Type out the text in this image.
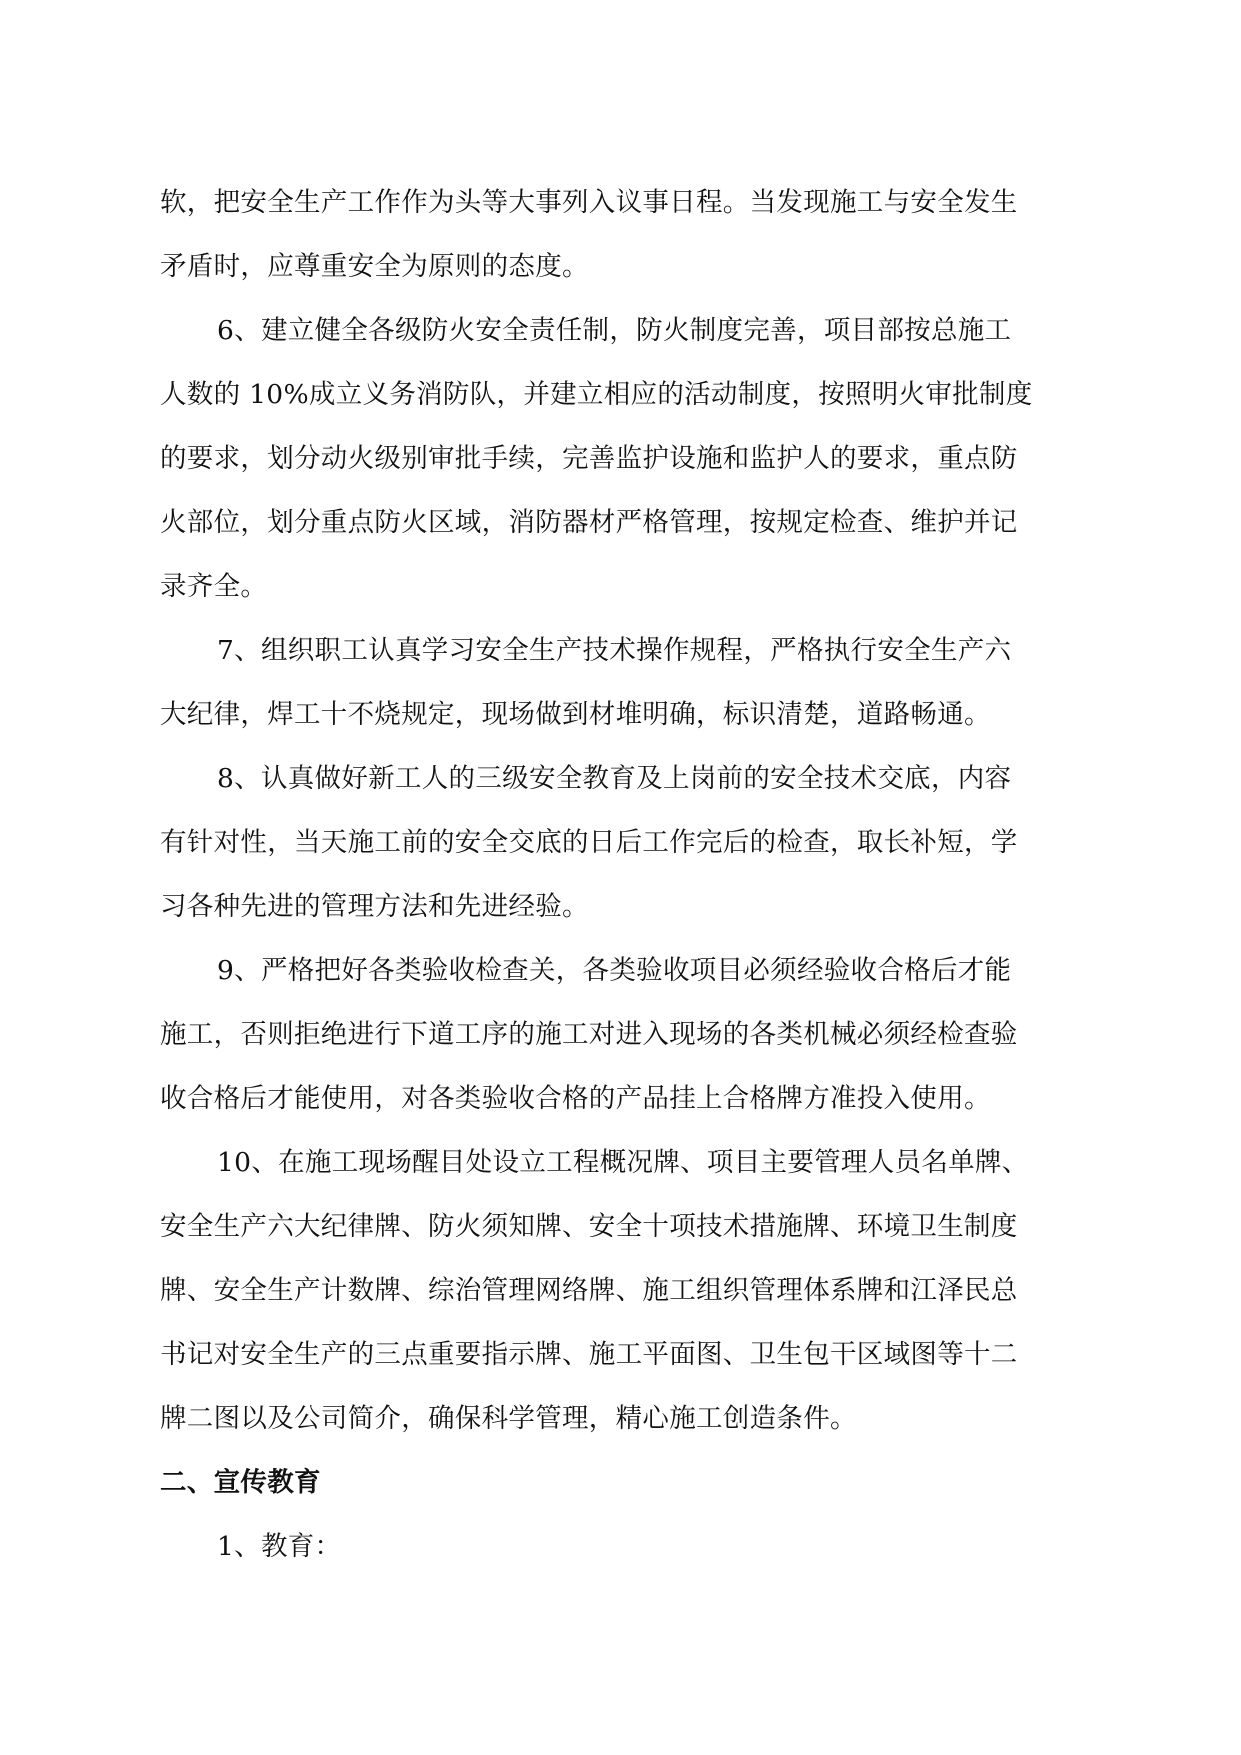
软，把安全生产工作作为头等大事列入议事日程。当发现施工与安全发生
矛盾时，应尊重安全为原则的态度。
6、建立健全各级防火安全责任制，防火制度完善，项目部按总施工
人数的 10%成立义务消防队，并建立相应的活动制度，按照明火审批制度
的要求，划分动火级别审批手续，完善监护设施和监护人的要求，重点防
火部位，划分重点防火区域，消防器材严格管理，按规定检查、维护并记
录齐全。
7、组织职工认真学习安全生产技术操作规程，严格执行安全生产六
大纪律，焊工十不烧规定，现场做到材堆明确，标识清楚，道路畅通。
8、认真做好新工人的三级安全教育及上岗前的安全技术交底，内容
有针对性，当天施工前的安全交底的日后工作完后的检查，取长补短，学
习各种先进的管理方法和先进经验。
9、严格把好各类验收检查关，各类验收项目必须经验收合格后才能
施工，否则拒绝进行下道工序的施工对进入现场的各类机械必须经检查验
收合格后才能使用，对各类验收合格的产品挂上合格牌方准投入使用。
10、在施工现场醒目处设立工程概况牌、项目主要管理人员名单牌、
安全生产六大纪律牌、防火须知牌、安全十项技术措施牌、环境卫生制度
牌、安全生产计数牌、综治管理网络牌、施工组织管理体系牌和江泽民总
书记对安全生产的三点重要指示牌、施工平面图、卫生包干区域图等十二
牌二图以及公司简介，确保科学管理，精心施工创造条件。
二、宣传教育
1、教育：
